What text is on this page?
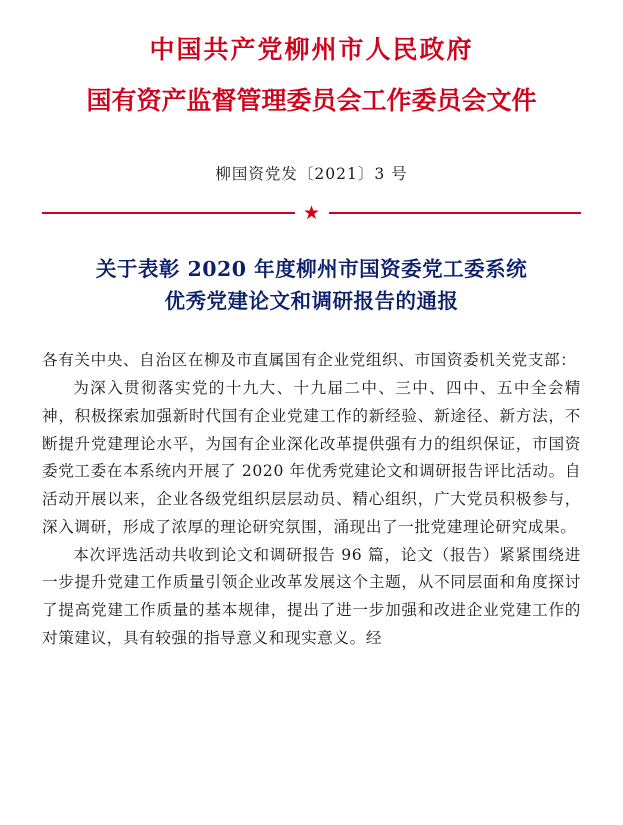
中国共产党柳州市人民政府
国有资产监督管理委员会工作委员会文件
柳国资党发〔2021〕3 号
★
关于表彰 2020 年度柳州市国资委党工委系统
优秀党建论文和调研报告的通报

各有关中央、自治区在柳及市直属国有企业党组织、市国资委机关党支部：

为深入贯彻落实党的十九大、十九届二中、三中、四中、五中全会精神，积极探索加强新时代国有企业党建工作的新经验、新途径、新方法，不断提升党建理论水平，为国有企业深化改革提供强有力的组织保证，市国资委党工委在本系统内开展了 2020 年优秀党建论文和调研报告评比活动。自活动开展以来，企业各级党组织层层动员、精心组织，广大党员积极参与，深入调研，形成了浓厚的理论研究氛围，涌现出了一批党建理论研究成果。

本次评选活动共收到论文和调研报告 96 篇，论文（报告）紧紧围绕进一步提升党建工作质量引领企业改革发展这个主题，从不同层面和角度探讨了提高党建工作质量的基本规律，提出了进一步加强和改进企业党建工作的对策建议，具有较强的指导意义和现实意义。经
